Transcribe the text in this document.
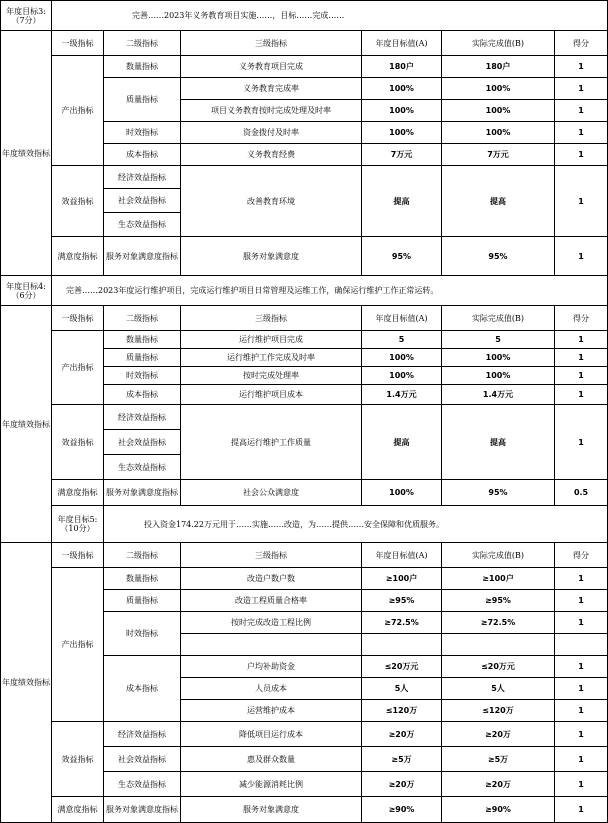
年度目标3:
（7分）	完善……2023年义务教育项目实施……，目标……完成……					
年度绩效指标	一级指标	二级指标	三级指标	年度目标值(A)	实际完成值(B)	得分
	产出指标	数量指标	义务教育项目完成	180户	180户	1
		质量指标	义务教育完成率	100%	100%	1
			项目义务教育按时完成处理及时率	100%	100%	1
		时效指标	资金拨付及时率	100%	100%	1
		成本指标	义务教育经费	7万元	7万元	1
	效益指标	经济效益指标	改善教育环境	提高	提高	1
		社会效益指标				
		生态效益指标				
	满意度指标	服务对象满意度指标	服务对象满意度	95%	95%	1
年度目标4:
（6分）	完善……2023年度运行维护项目，完成运行维护项目日常管理及运维工作，确保运行维护工作正常运转。					
年度绩效指标	一级指标	二级指标	三级指标	年度目标值(A)	实际完成值(B)	得分
	产出指标	数量指标	运行维护项目完成	5	5	1
		质量指标	运行维护工作完成及时率	100%	100%	1
		时效指标	按时完成处理率	100%	100%	1
		成本指标	运行维护项目成本	1.4万元	1.4万元	1
	效益指标	经济效益指标	提高运行维护工作质量	提高	提高	1
		社会效益指标				
		生态效益指标				
	满意度指标	服务对象满意度指标	社会公众满意度	100%	95%	0.5
	年度目标5:
（10分）	投入资金174.22万元用于……实施……改造，为……提供……安全保障和优质服务。				
年度绩效指标	一级指标	二级指标	三级指标	年度目标值(A)	实际完成值(B)	得分
	产出指标	数量指标	改造户数户数	≥100户	≥100户	1
		质量指标	改造工程质量合格率	≥95%	≥95%	1
		时效指标	按时完成改造工程比例	≥72.5%	≥72.5%	1

		成本指标	户均补助资金	≤20万元	≤20万元	1
			人员成本	5人	5人	1
			运营维护成本	≤120万	≤120万	1
	效益指标	经济效益指标	降低项目运行成本	≥20万	≥20万	1
		社会效益指标	惠及群众数量	≥5万	≥5万	1
		生态效益指标	减少能源消耗比例	≥20万	≥20万	1
	满意度指标	服务对象满意度指标	服务对象满意度	≥90%	≥90%	1
